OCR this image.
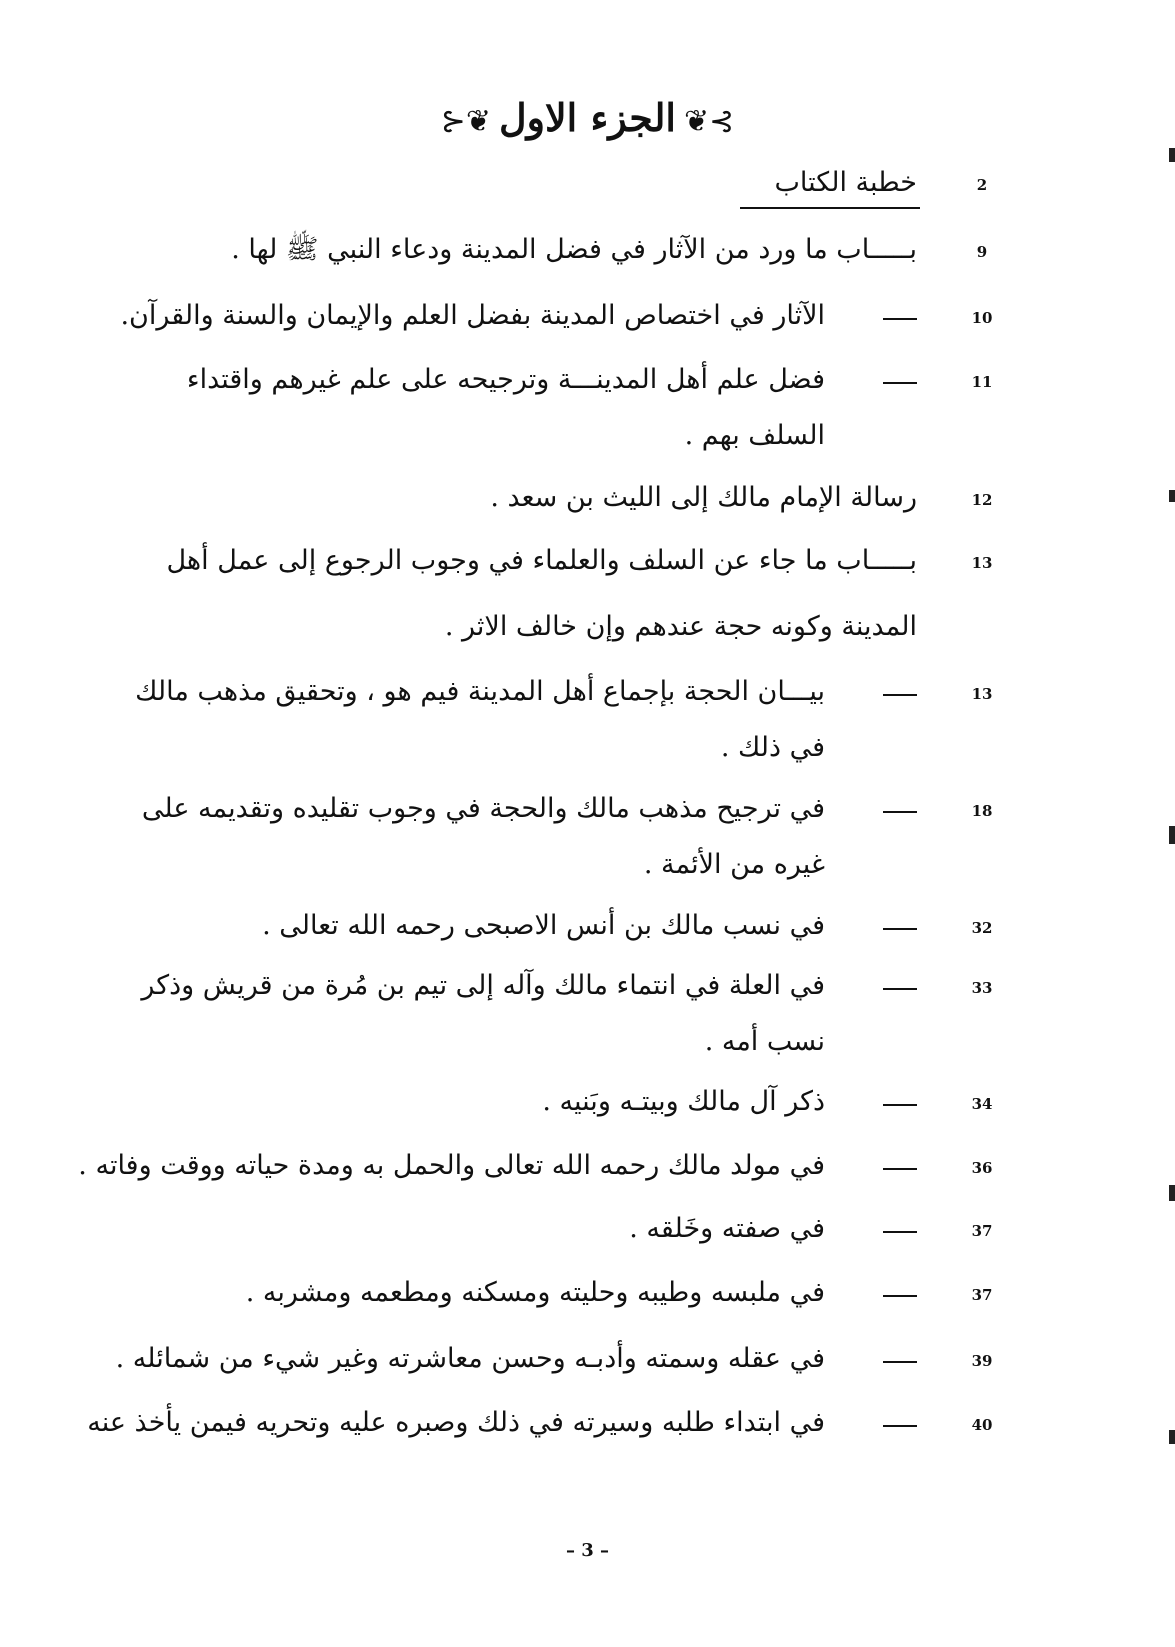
⊱❦الجزء الاول❦⊰
2
خطبة الكتاب
9
بـــــاب ما ورد من الآثار في فضل المدينة ودعاء النبي ﷺ لها .
10
الآثار في اختصاص المدينة بفضل العلم والإيمان والسنة والقرآن.
11
فضل علم أهل المدينـــة وترجيحه على علم غيرهم واقتداء
السلف بهم .
12
رسالة الإمام مالك إلى الليث بن سعد .
13
بـــــاب ما جاء عن السلف والعلماء في وجوب الرجوع إلى عمل أهل
المدينة وكونه حجة عندهم وإن خالف الاثر .
13
بيـــان الحجة بإجماع أهل المدينة فيم هو ، وتحقيق مذهب مالك
في ذلك .
18
في ترجيح مذهب مالك والحجة في وجوب تقليده وتقديمه على
غيره من الأئمة .
32
في نسب مالك بن أنس الاصبحى رحمه الله تعالى .
33
في العلة في انتماء مالك وآله إلى تيم بن مُرة من قريش وذكر
نسب أمه .
34
ذكر آل مالك وبيتـه وبَنيه .
36
في مولد مالك رحمه الله تعالى والحمل به ومدة حياته ووقت وفاته .
37
في صفته وخَلقه .
37
في ملبسه وطيبه وحليته ومسكنه ومطعمه ومشربه .
39
في عقله وسمته وأدبـه وحسن معاشرته وغير شيء من شمائله .
40
في ابتداء طلبه وسيرته في ذلك وصبره عليه وتحريه فيمن يأخذ عنه
– 3 –
